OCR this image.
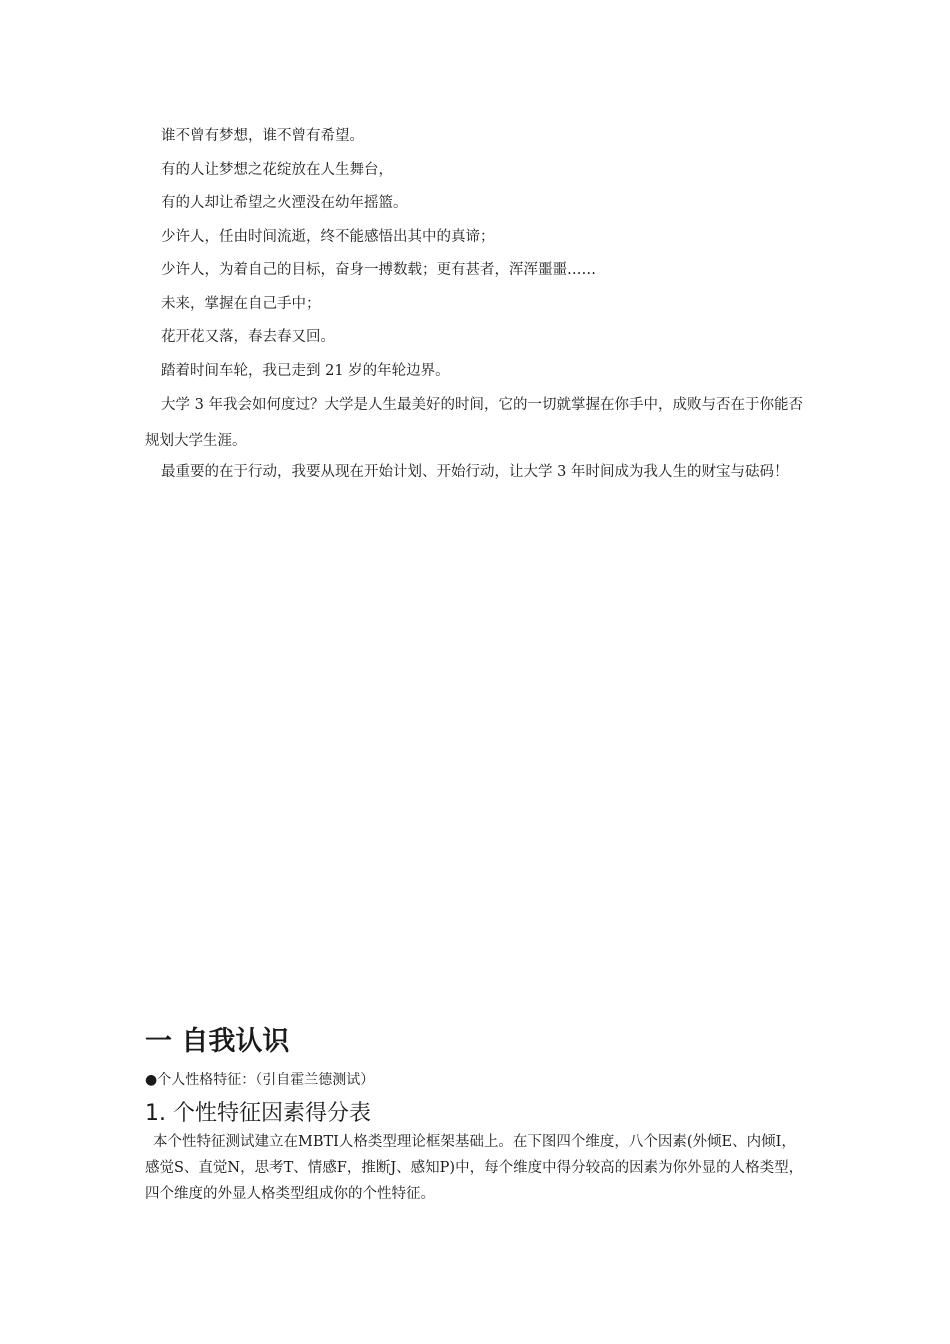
谁不曾有梦想，谁不曾有希望。

有的人让梦想之花绽放在人生舞台，

有的人却让希望之火湮没在幼年摇篮。

少许人，任由时间流逝，终不能感悟出其中的真谛；

少许人，为着自己的目标，奋身一搏数载；更有甚者，浑浑噩噩……

未来，掌握在自己手中；

花开花又落，春去春又回。

踏着时间车轮，我已走到 21 岁的年轮边界。

大学 3 年我会如何度过？大学是人生最美好的时间，它的一切就掌握在你手中，成败与否在于你能否规划大学生涯。

最重要的在于行动，我要从现在开始计划、开始行动，让大学 3 年时间成为我人生的财宝与砝码！

一 自我认识
●个人性格特征：（引自霍兰德测试）
1. 个性特征因素得分表
本个性特征测试建立在MBTI人格类型理论框架基础上。在下图四个维度，八个因素(外倾E、内倾I，感觉S、直觉N，思考T、情感F，推断J、感知P)中，每个维度中得分较高的因素为你外显的人格类型，四个维度的外显人格类型组成你的个性特征。
